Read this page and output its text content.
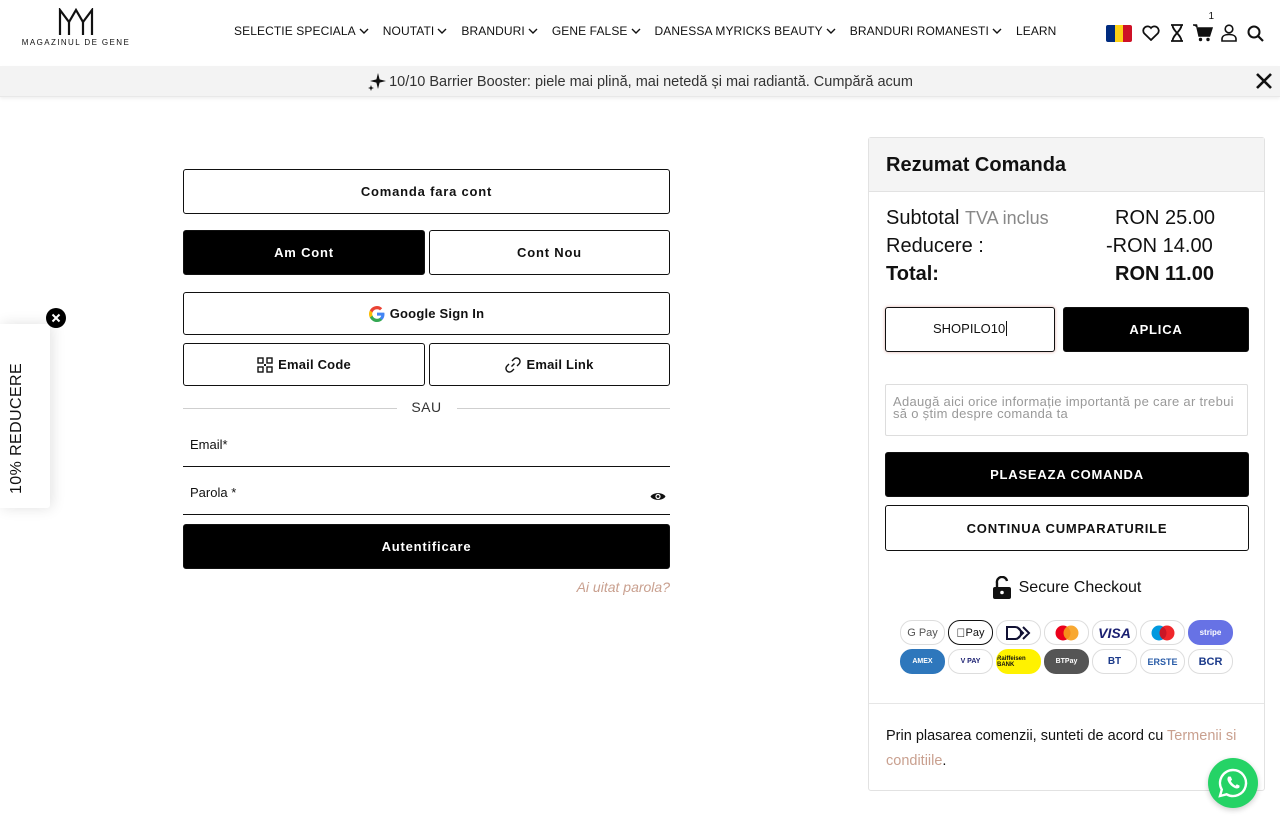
MAGAZINUL DE GENE
SELECTIE SPECIALA NOUTATI BRANDURI GENE FALSE DANESSA MYRICKS BEAUTY BRANDURI ROMANESTI LEARN
1
10/10 Barrier Booster: piele mai plină, mai netedă și mai radiantă. Cumpără acum
10% REDUCERE
Comanda fara cont
Am Cont	Cont Nou
Google Sign In
Email Code	Email Link
SAU
Email*
Parola *
Autentificare
Ai uitat parola?
Rezumat Comanda
Subtotal TVA inclus	RON 25.00
Reducere :	-RON 14.00
Total:	RON 11.00
SHOPILO10	APLICA
Adaugă aici orice informație importantă pe care ar trebui să o știm despre comanda ta
PLASEAZA COMANDA
CONTINUA CUMPARATURILE
Secure Checkout
G Pay Pay	VISA	stripe
AMEX	V PAY	Raiffeisen BANK	BTPay	BT	ERSTE	BCR
Prin plasarea comenzii, sunteti de acord cu Termenii si conditiile.
